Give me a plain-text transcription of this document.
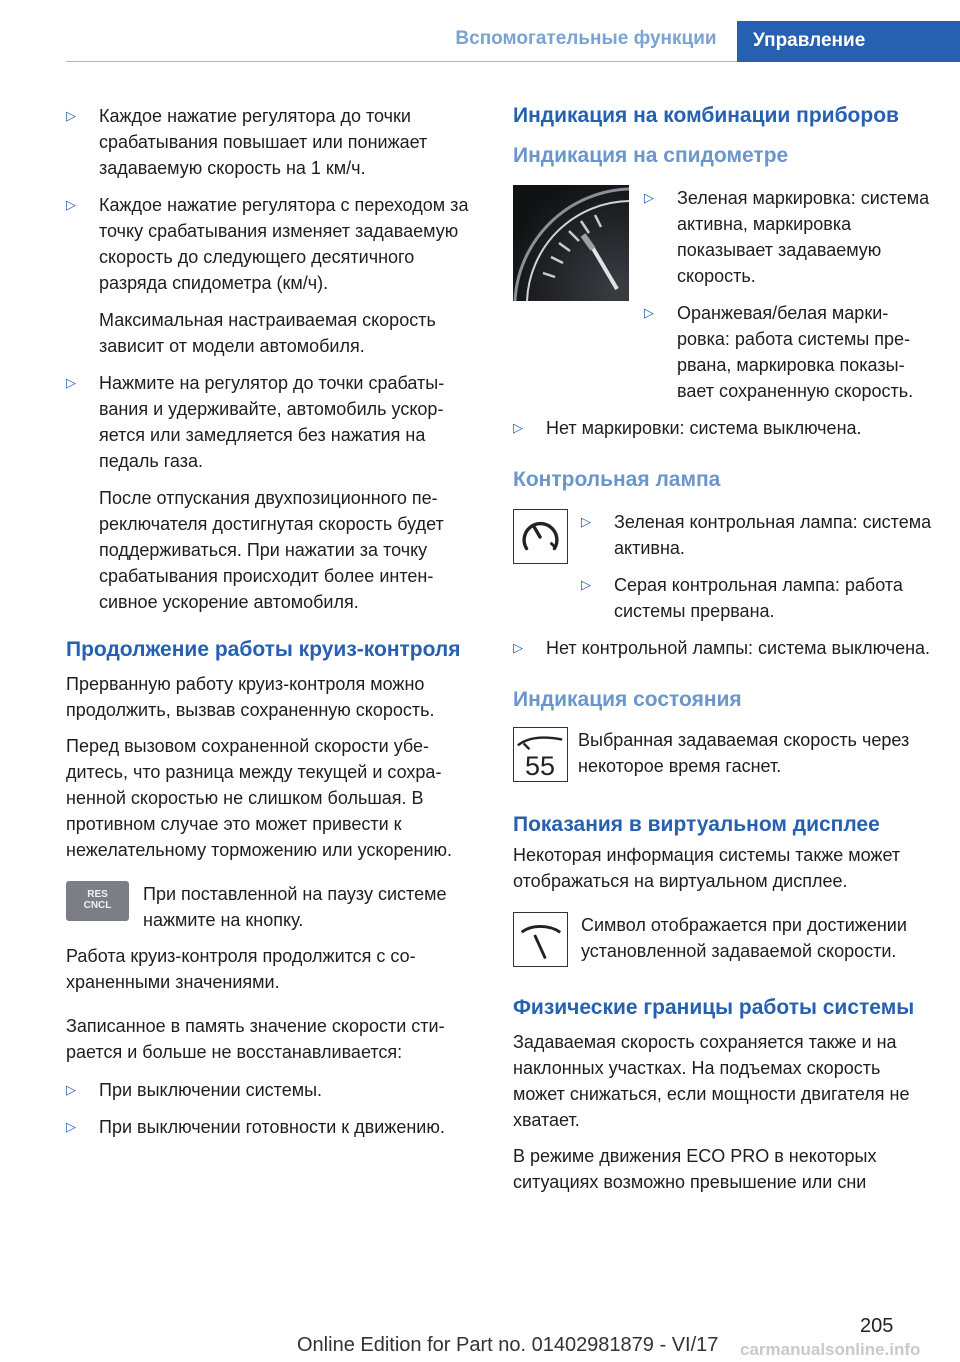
Вспомогательные функции	Управление
▷ Каждое нажатие регулятора до точки срабатывания повышает или понижает задаваемую скорость на 1 км/ч.
▷ Каждое нажатие регулятора с переходом за точку срабатывания изменяет задаваемую скорость до следующего десятичного разряда спидометра (км/ч).
Максимальная настраиваемая скорость зависит от модели автомобиля.
▷ Нажмите на регулятор до точки срабатывания и удерживайте, автомобиль ускоряется или замедляется без нажатия на педаль газа.
После отпускания двухпозиционного переключателя достигнутая скорость будет поддерживаться. При нажатии за точку срабатывания происходит более интенсивное ускорение автомобиля.
Продолжение работы круиз-контроля
Прерванную работу круиз-контроля можно продолжить, вызвав сохраненную скорость.
Перед вызовом сохраненной скорости убедитесь, что разница между текущей и сохраненной скоростью не слишком большая. В противном случае это может привести к нежелательному торможению или ускорению.
RES
CNCL
При поставленной на паузу системе нажмите на кнопку.
Работа круиз-контроля продолжится с сохраненными значениями.
Записанное в память значение скорости стирается и больше не восстанавливается:
▷ При выключении системы.
▷ При выключении готовности к движению.
Индикация на комбинации приборов
Индикация на спидометре
▷ Зеленая маркировка: система активна, маркировка показывает задаваемую скорость.
▷ Оранжевая/белая маркировка: работа системы прервана, маркировка показывает сохраненную скорость.
▷ Нет маркировки: система выключена.
Контрольная лампа
▷ Зеленая контрольная лампа: система активна.
▷ Серая контрольная лампа: работа системы прервана.
▷ Нет контрольной лампы: система выключена.
Индикация состояния
55
Выбранная задаваемая скорость через некоторое время гаснет.
Показания в виртуальном дисплее
Некоторая информация системы также может отображаться на виртуальном дисплее.
Символ отображается при достижении установленной задаваемой скорости.
Физические границы работы системы
Задаваемая скорость сохраняется также и на наклонных участках. На подъемах скорость может снижаться, если мощности двигателя не хватает.
В режиме движения ECO PRO в некоторых ситуациях возможно превышение или сни
205
Online Edition for Part no. 01402981879 - VI/17 carmanualsonline.info
